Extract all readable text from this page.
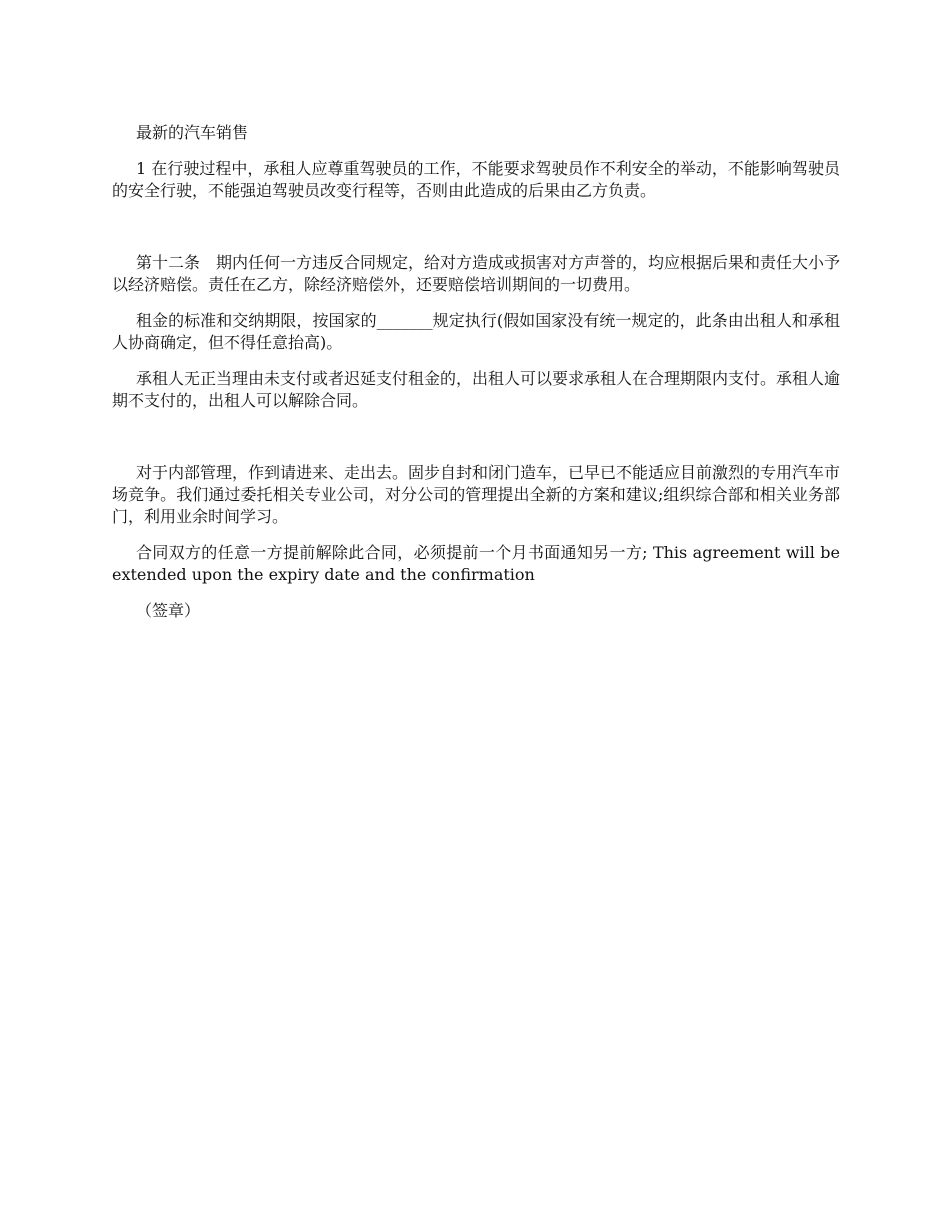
最新的汽车销售

1 在行驶过程中，承租人应尊重驾驶员的工作，不能要求驾驶员作不利安全的举动，不能影响驾驶员的安全行驶，不能强迫驾驶员改变行程等，否则由此造成的后果由乙方负责。

第十二条　期内任何一方违反合同规定，给对方造成或损害对方声誉的，均应根据后果和责任大小予以经济赔偿。责任在乙方，除经济赔偿外，还要赔偿培训期间的一切费用。

租金的标准和交纳期限，按国家的_______规定执行(假如国家没有统一规定的，此条由出租人和承租人协商确定，但不得任意抬高)。

承租人无正当理由未支付或者迟延支付租金的，出租人可以要求承租人在合理期限内支付。承租人逾期不支付的，出租人可以解除合同。

对于内部管理，作到请进来、走出去。固步自封和闭门造车，已早已不能适应目前激烈的专用汽车市场竞争。我们通过委托相关专业公司，对分公司的管理提出全新的方案和建议;组织综合部和相关业务部门，利用业余时间学习。

合同双方的任意一方提前解除此合同，必须提前一个月书面通知另一方; This agreement will be extended upon the expiry date and the confirmation

（签章）
